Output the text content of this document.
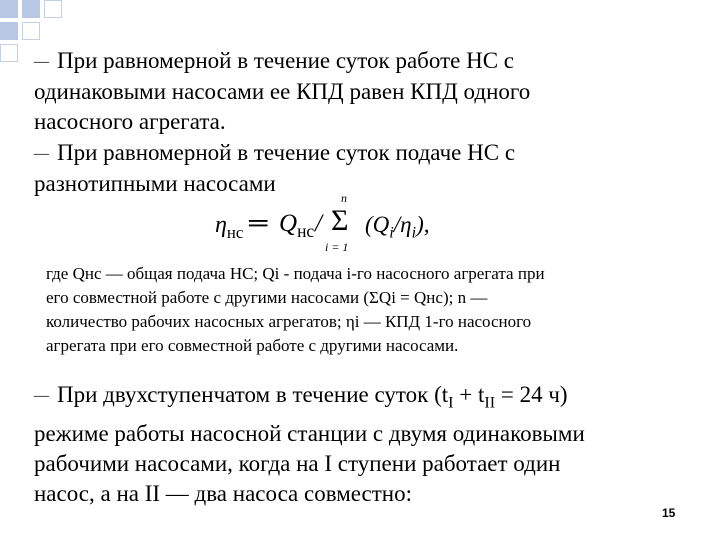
— При равномерной в течение суток работе НС с
одинаковыми насосами ее КПД равен КПД одного
насосного агрегата.
— При равномерной в течение суток подаче НС с
разнотипными насосами
$\eta_{нс}$ ═ $Q_{нс}$ /
n
Σ
i = 1
$(Q_i/\eta_i)$,
где Qнс — общая подача НС; Qi - подача i-го насосного агрегата при
его совместной работе с другими насосами (ΣQi = Qнс); n —
количество рабочих насосных агрегатов; ηi — КПД 1-го насосного
агрегата при его совместной работе с другими насосами.
— При двухступенчатом в течение суток ($t_I + t_{II} = 24$ ч)
режиме работы насосной станции с двумя одинаковыми
рабочими насосами, когда на I ступени работает один
насос, а на II — два насоса совместно:
15
